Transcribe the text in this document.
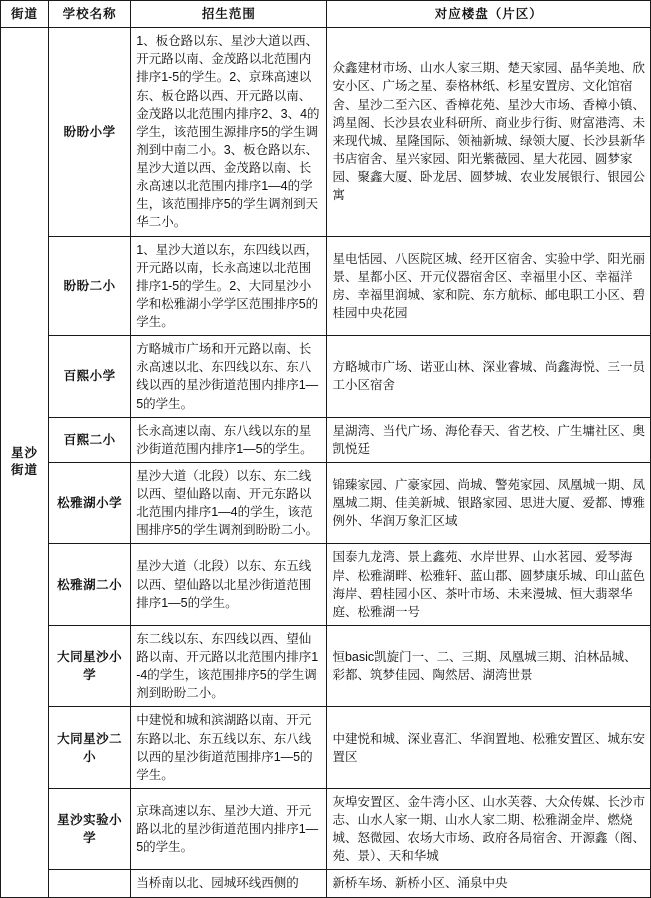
街道	学校名称	招生范围	对应楼盘（片区）

星沙街道	盼盼小学	1、板仓路以东、星沙大道以西、开元路以南、金茂路以北范围内排序1-5的学生。2、京珠高速以东、板仓路以西、开元路以南、金茂路以北范围内排序2、3、4的学生，该范围生源排序5的学生调剂到中南二小。3、板仓路以东、星沙大道以西、金茂路以南、长永高速以北范围内排序1—4的学生，该范围排序5的学生调剂到天华二小。	众鑫建材市场、山水人家三期、楚天家园、晶华美地、欣安小区、广场之星、泰格林纸、杉星安置房、文化馆宿舍、星沙二至六区、香樟花苑、星沙大市场、香樟小镇、鸿星阁、长沙县农业科研所、商业步行街、财富港湾、未来现代城、星隆国际、领袖新城、绿领大厦、长沙县新华书店宿舍、星兴家园、阳光紫薇园、星大花园、圆梦家园、聚鑫大厦、卧龙居、圆梦城、农业发展银行、银园公寓
	盼盼二小	1、星沙大道以东，东四线以西，开元路以南，长永高速以北范围排序1-5的学生。2、大同星沙小学和松雅湖小学学区范围排序5的学生。	星电恬园、八医院区城、经开区宿舍、实验中学、阳光丽景、星都小区、开元仪器宿舍区、幸福里小区、幸福洋房、幸福里润城、家和院、东方航标、邮电职工小区、碧桂园中央花园
	百熙小学	方略城市广场和开元路以南、长永高速以北、东四线以东、东八线以西的星沙街道范围内排序1—5的学生。	方略城市广场、诺亚山林、深业睿城、尚鑫海悦、三一员工小区宿舍
	百熙二小	长永高速以南、东八线以东的星沙街道范围内排序1—5的学生。	星湖湾、当代广场、海伦春天、省艺校、广生墉社区、奥凯悦廷
	松雅湖小学	星沙大道（北段）以东、东二线以西、望仙路以南、开元东路以北范围内排序1—4的学生，该范围排序5的学生调剂到盼盼二小。	锦臻家园、广豪家园、尚城、警苑家园、凤凰城一期、凤凰城二期、佳美新城、银路家园、思进大厦、爱都、博雅例外、华润万象汇区域
	松雅湖二小	星沙大道（北段）以东、东五线以西、望仙路以北星沙街道范围排序1—5的学生。	国泰九龙湾、景上鑫苑、水岸世界、山水茗园、爱琴海岸、松雅湖畔、松雅轩、蓝山郡、圆梦康乐城、印山蓝色海岸、碧桂园小区、茶叶市场、未来漫城、恒大翡翠华庭、松雅湖一号
	大同星沙小学	东二线以东、东四线以西、望仙路以南、开元路以北范围内排序1-4的学生，该范围排序5的学生调剂到盼盼二小。	恒basic凯旋门一、二、三期、凤凰城三期、泊林品城、彩都、筑梦佳园、陶然居、湖湾世景
	大同星沙二小	中建悦和城和滨湖路以南、开元东路以北、东五线以东、东八线以西的星沙街道范围排序1—5的学生。	中建悦和城、深业喜汇、华润置地、松雅安置区、城东安置区
	星沙实验小学	京珠高速以东、星沙大道、开元路以北的星沙街道范围内排序1—5的学生。	灰埠安置区、金牛湾小区、山水芙蓉、大众传媒、长沙市志、山水人家一期、山水人家二期、松雅湖金岸、燃烧城、怒微园、农场大市场、政府各局宿舍、开源鑫（阁、苑、景）、天和华城
		当桥南以北、园城环线西侧的	新桥车场、新桥小区、涌泉中央
